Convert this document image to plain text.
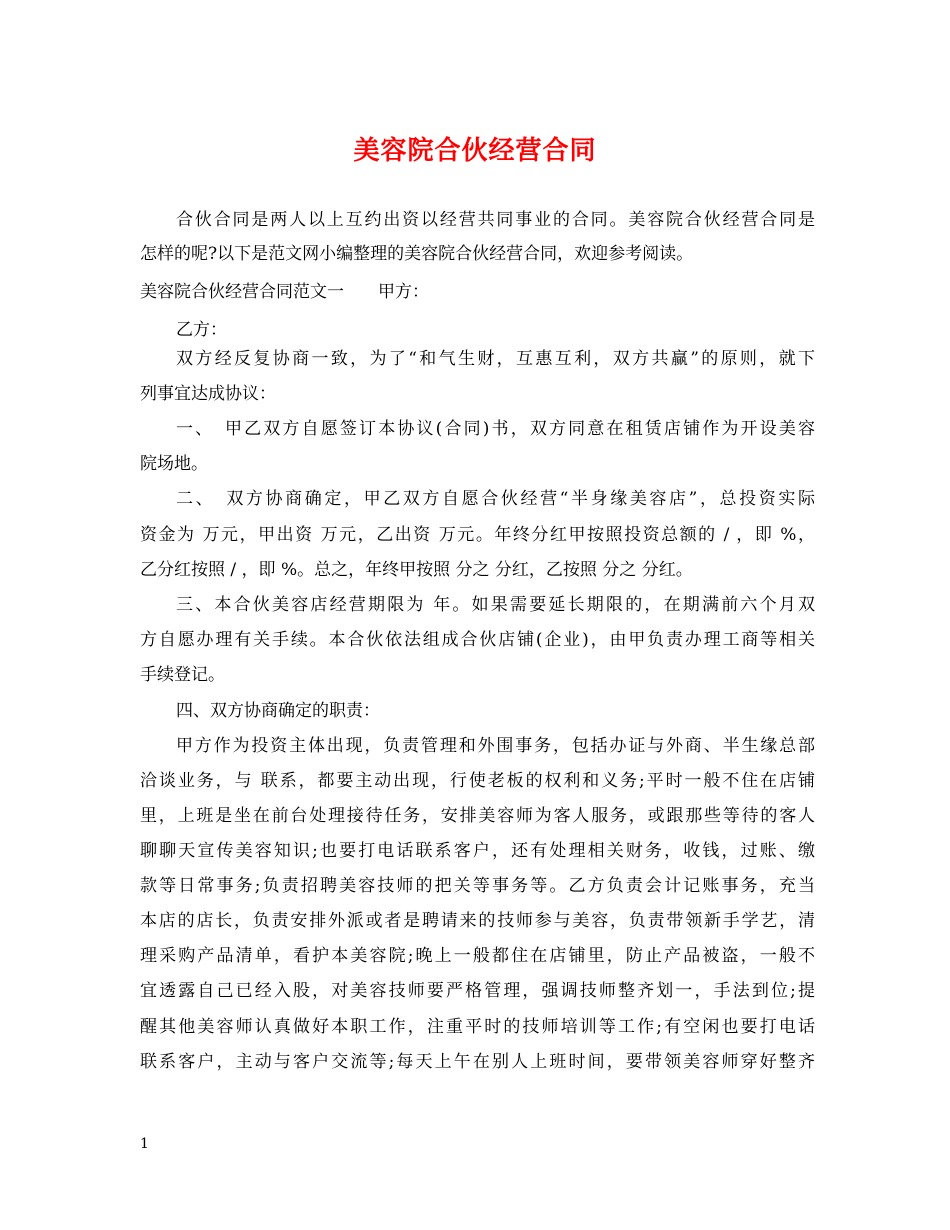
美容院合伙经营合同
合伙合同是两人以上互约出资以经营共同事业的合同。美容院合伙经营合同是
怎样的呢?以下是范文网小编整理的美容院合伙经营合同，欢迎参考阅读。
美容院合伙经营合同范文一　　甲方：
乙方：
双方经反复协商一致，为了“和气生财，互惠互利，双方共赢”的原则，就下
列事宜达成协议：
一、　甲乙双方自愿签订本协议(合同)书，双方同意在租赁店铺作为开设美容
院场地。
二、　双方协商确定，甲乙双方自愿合伙经营“半身缘美容店”，总投资实际
资金为 万元，甲出资 万元，乙出资 万元。年终分红甲按照投资总额的 / ，即 %，
乙分红按照 / ，即 %。总之，年终甲按照 分之 分红，乙按照 分之 分红。
三、本合伙美容店经营期限为 年。如果需要延长期限的，在期满前六个月双
方自愿办理有关手续。本合伙依法组成合伙店铺(企业)，由甲负责办理工商等相关
手续登记。
四、双方协商确定的职责：
甲方作为投资主体出现，负责管理和外围事务，包括办证与外商、半生缘总部
洽谈业务，与 联系，都要主动出现，行使老板的权利和义务;平时一般不住在店铺
里，上班是坐在前台处理接待任务，安排美容师为客人服务，或跟那些等待的客人
聊聊天宣传美容知识;也要打电话联系客户，还有处理相关财务，收钱，过账、缴
款等日常事务;负责招聘美容技师的把关等事务等。乙方负责会计记账事务，充当
本店的店长，负责安排外派或者是聘请来的技师参与美容，负责带领新手学艺，清
理采购产品清单，看护本美容院;晚上一般都住在店铺里，防止产品被盗，一般不
宜透露自己已经入股，对美容技师要严格管理，强调技师整齐划一，手法到位;提
醒其他美容师认真做好本职工作，注重平时的技师培训等工作;有空闲也要打电话
联系客户，主动与客户交流等;每天上午在别人上班时间，要带领美容师穿好整齐
1
